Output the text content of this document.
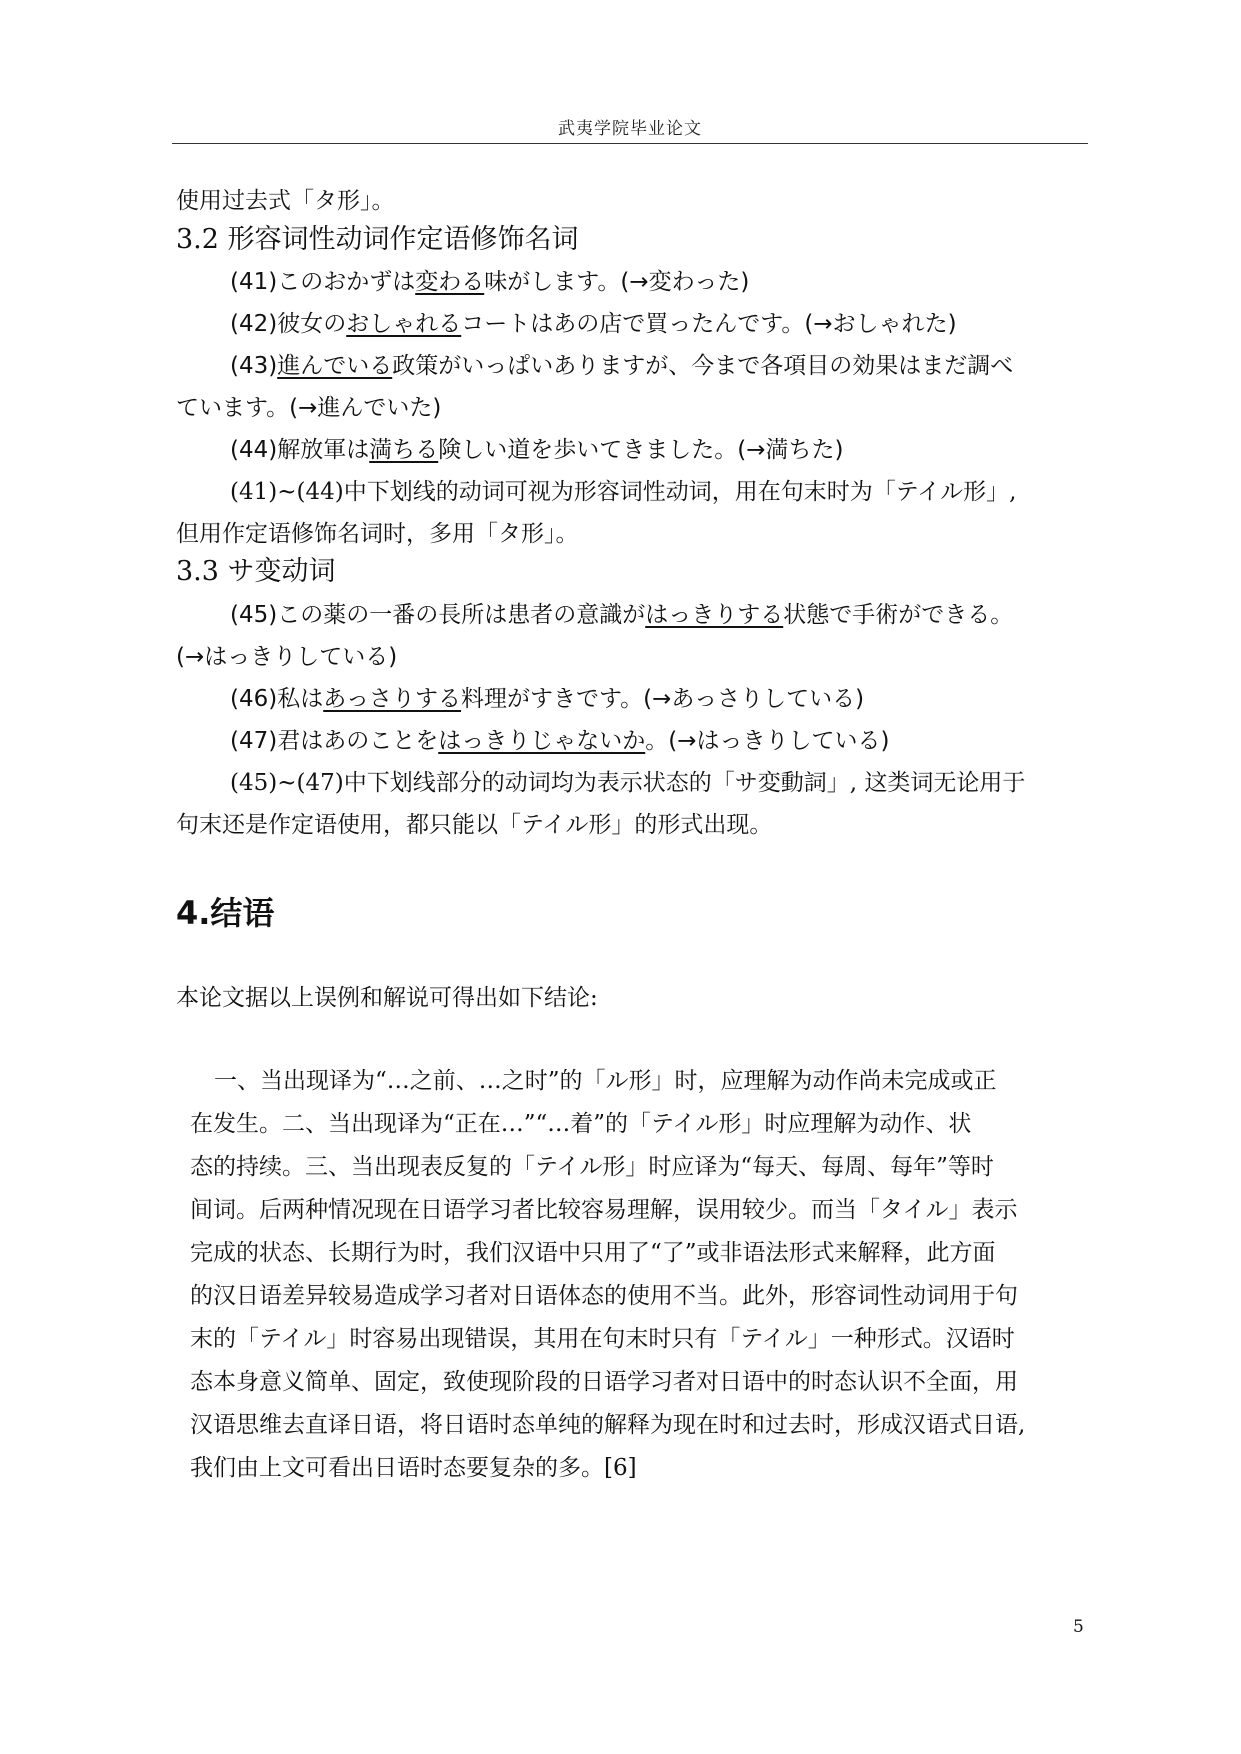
武夷学院毕业论文
使用过去式「タ形」。
3.2 形容词性动词作定语修饰名词
(41)このおかずは変わる味がします。(→変わった)
(42)彼女のおしゃれるコートはあの店で買ったんです。(→おしゃれた)
(43)進んでいる政策がいっぱいありますが、今まで各項目の効果はまだ調べ
ています。(→進んでいた)
(44)解放軍は満ちる険しい道を歩いてきました。(→満ちた)
(41)~(44)中下划线的动词可视为形容词性动词，用在句末时为「テイル形」,
但用作定语修饰名词时，多用「タ形」。
3.3 サ变动词
(45)この薬の一番の長所は患者の意識がはっきりする状態で手術ができる。
(→はっきりしている)
(46)私はあっさりする料理がすきです。(→あっさりしている)
(47)君はあのことをはっきりじゃないか。(→はっきりしている)
(45)~(47)中下划线部分的动词均为表示状态的「サ変動詞」, 这类词无论用于
句末还是作定语使用，都只能以「テイル形」的形式出现。
4.结语
本论文据以上误例和解说可得出如下结论:
一、当出现译为“…之前、…之时”的「ル形」时，应理解为动作尚未完成或正
在发生。二、当出现译为“正在…”“…着”的「テイル形」时应理解为动作、状
态的持续。三、当出现表反复的「テイル形」时应译为“每天、每周、每年”等时
间词。后两种情况现在日语学习者比较容易理解，误用较少。而当「タイル」表示
完成的状态、长期行为时，我们汉语中只用了“了”或非语法形式来解释，此方面
的汉日语差异较易造成学习者对日语体态的使用不当。此外，形容词性动词用于句
末的「テイル」时容易出现错误，其用在句末时只有「テイル」一种形式。汉语时
态本身意义简单、固定，致使现阶段的日语学习者对日语中的时态认识不全面，用
汉语思维去直译日语，将日语时态单纯的解释为现在时和过去时，形成汉语式日语,
我们由上文可看出日语时态要复杂的多。[6]
5
